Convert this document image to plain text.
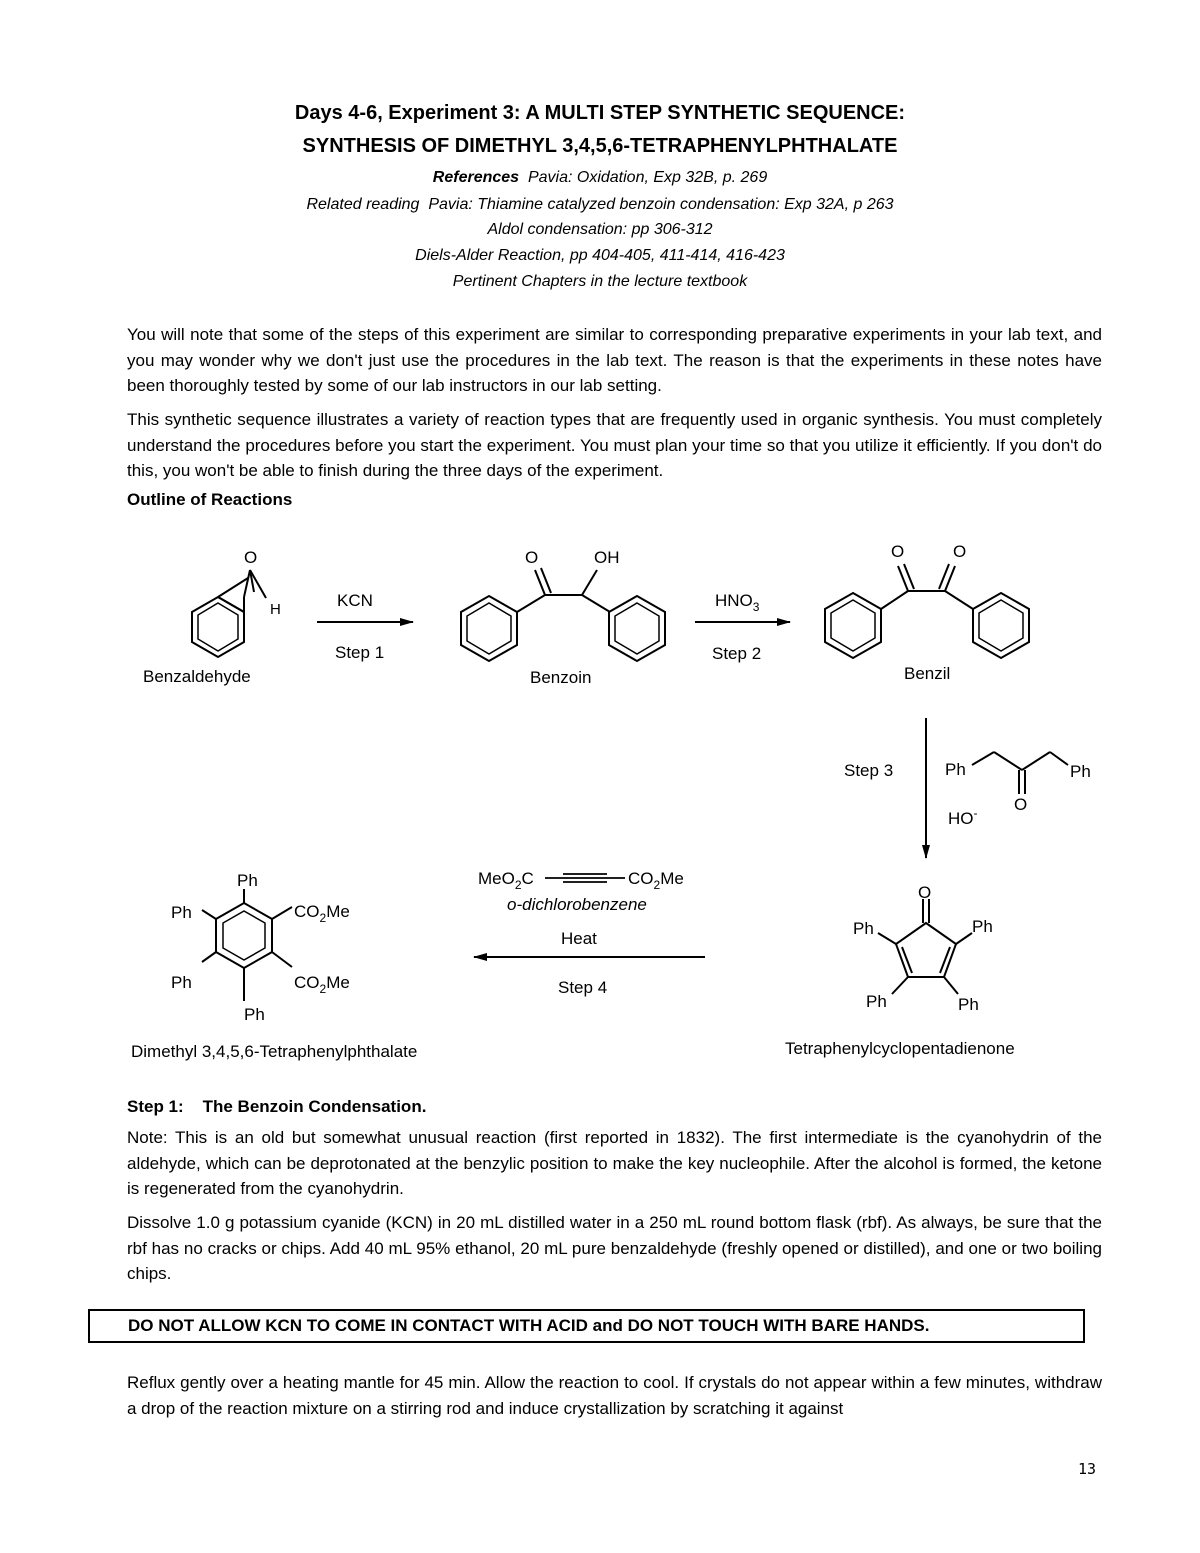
Days 4-6, Experiment 3: A MULTI STEP SYNTHETIC SEQUENCE:
SYNTHESIS OF DIMETHYL 3,4,5,6-TETRAPHENYLPHTHALATE
References Pavia: Oxidation, Exp 32B, p. 269
Related reading Pavia: Thiamine catalyzed benzoin condensation: Exp 32A, p 263
Aldol condensation: pp 306-312
Diels-Alder Reaction, pp 404-405, 411-414, 416-423
Pertinent Chapters in the lecture textbook

You will note that some of the steps of this experiment are similar to corresponding preparative experiments in your lab text, and you may wonder why we don't just use the procedures in the lab text. The reason is that the experiments in these notes have been thoroughly tested by some of our lab instructors in our lab setting.

This synthetic sequence illustrates a variety of reaction types that are frequently used in organic synthesis. You must completely understand the procedures before you start the experiment. You must plan your time so that you utilize it efficiently. If you don't do this, you won't be able to finish during the three days of the experiment.

Outline of Reactions
O
H
Benzaldehyde
KCN
Step 1
O	OH
Benzoin
$HNO_3$
Step 2
O	O
Benzil
Step 3	Ph	Ph
O
HO-
O
Ph	Ph
Ph	Ph
Tetraphenylcyclopentadienone
MeO$_2$C	$CO_2Me$
o-dichlorobenzene
Heat
Step 4
Ph
Ph
Ph
Ph
$CO_2Me$
$CO_2Me$
Dimethyl 3,4,5,6-Tetraphenylphthalate
Step 1: The Benzoin Condensation.

Note: This is an old but somewhat unusual reaction (first reported in 1832). The first intermediate is the cyanohydrin of the aldehyde, which can be deprotonated at the benzylic position to make the key nucleophile. After the alcohol is formed, the ketone is regenerated from the cyanohydrin.

Dissolve 1.0 g potassium cyanide (KCN) in 20 mL distilled water in a 250 mL round bottom flask (rbf). As always, be sure that the rbf has no cracks or chips. Add 40 mL 95% ethanol, 20 mL pure benzaldehyde (freshly opened or distilled), and one or two boiling chips.

DO NOT ALLOW KCN TO COME IN CONTACT WITH ACID and DO NOT TOUCH WITH BARE HANDS.

Reflux gently over a heating mantle for 45 min. Allow the reaction to cool. If crystals do not appear within a few minutes, withdraw a drop of the reaction mixture on a stirring rod and induce crystallization by scratching it against

13
